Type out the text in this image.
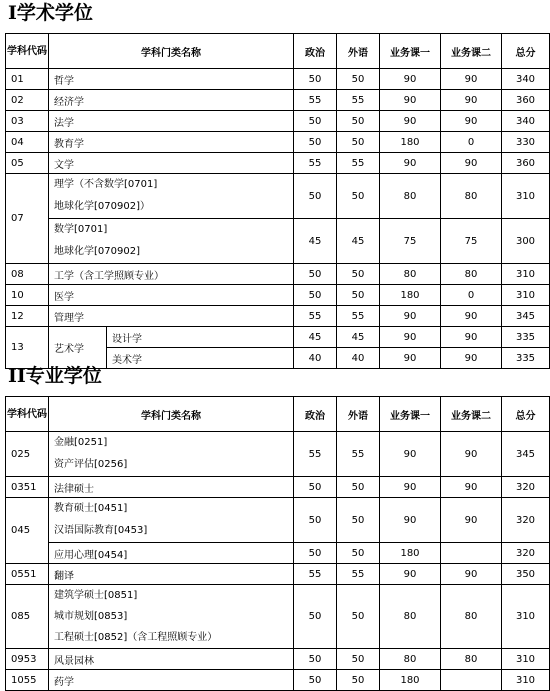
I学术学位
学科代码	学科门类名称		政治	外语	业务课一	业务课二	总分
01	哲学		50	50	90	90	340
02	经济学		55	55	90	90	360
03	法学		50	50	90	90	340
04	教育学		50	50	180	0	330
05	文学		55	55	90	90	360
07	理学（不含数学[0701]
地球化学[070902]）		50	50	80	80	310

	数学[0701]
地球化学[070902]		45	45	75	75	300
08	工学（含工学照顾专业）		50	50	80	80	310
10	医学		50	50	180	0	310
12	管理学		55	55	90	90	345
13	艺术学	设计学	45	45	90	90	335
		美术学	40	40	90	90	335
II专业学位
学科代码	学科门类名称	政治	外语	业务课一	业务课二	总分
025	金融[0251]
资产评估[0256]	55	55	90	90	345
0351	法律硕士	50	50	90	90	320
045	教育硕士[0451]
汉语国际教育[0453]	50	50	90	90	320
	应用心理[0454]	50	50	180		320
0551	翻译	55	55	90	90	350
085	建筑学硕士[0851]
城市规划[0853]
工程硕士[0852]（含工程照顾专业）	50	50	80	80	310
0953	风景园林	50	50	80	80	310
1055	药学	50	50	180		310
